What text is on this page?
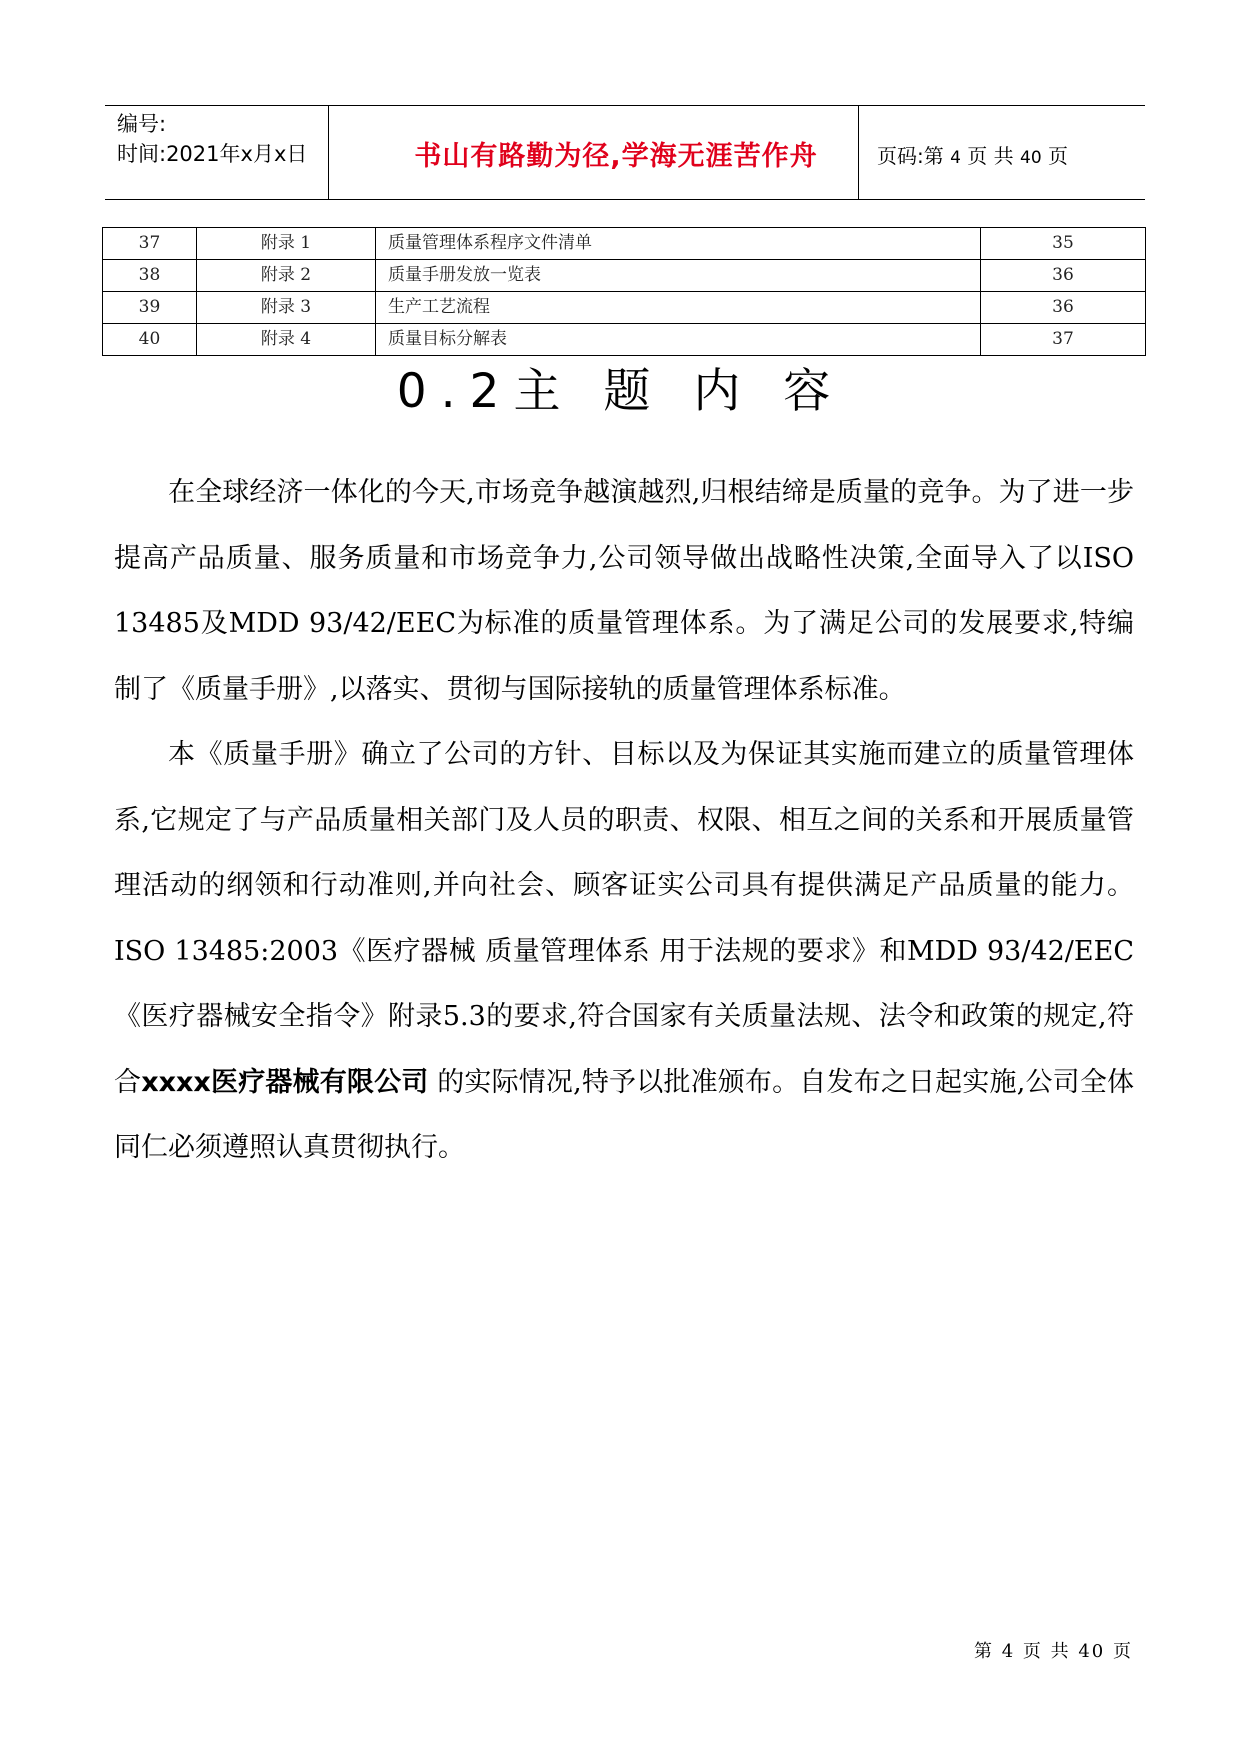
编号:
时间:2021年x月x日	书山有路勤为径,学海无涯苦作舟	页码:第 4 页 共 40 页
37	附录 1	质量管理体系程序文件清单	35
38	附录 2	质量手册发放一览表	36
39	附录 3	生产工艺流程	36
40	附录 4	质量目标分解表	37
0.2主 题 内 容

在全球经济一体化的今天,市场竞争越演越烈,归根结缔是质量的竞争。为了进一步提高产品质量、服务质量和市场竞争力,公司领导做出战略性决策,全面导入了以ISO 13485及MDD 93/42/EEC为标准的质量管理体系。为了满足公司的发展要求,特编制了《质量手册》,以落实、贯彻与国际接轨的质量管理体系标准。

本《质量手册》确立了公司的方针、目标以及为保证其实施而建立的质量管理体系,它规定了与产品质量相关部门及人员的职责、权限、相互之间的关系和开展质量管理活动的纲领和行动准则,并向社会、顾客证实公司具有提供满足产品质量的能力。ISO 13485:2003《医疗器械 质量管理体系 用于法规的要求》和MDD 93/42/EEC《医疗器械安全指令》附录5.3的要求,符合国家有关质量法规、法令和政策的规定,符合xxxx医疗器械有限公司 的实际情况,特予以批准颁布。自发布之日起实施,公司全体同仁必须遵照认真贯彻执行。

第 4 页 共 40 页
